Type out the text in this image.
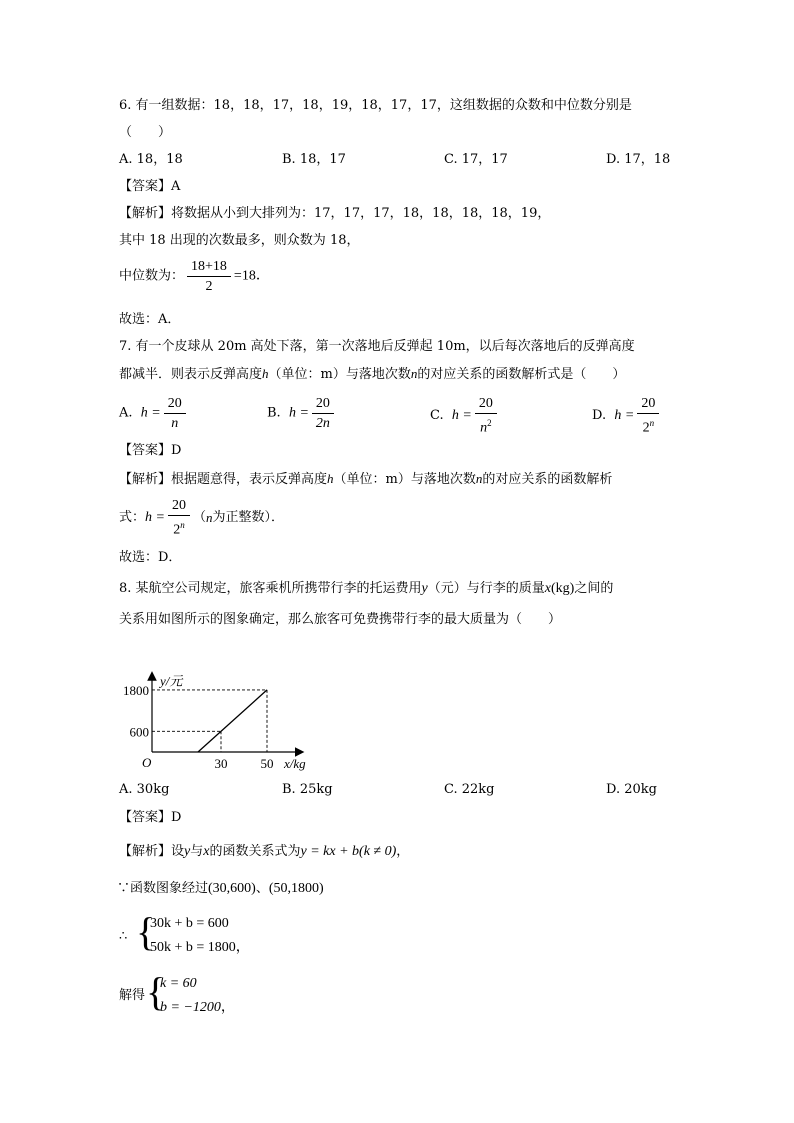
6. 有一组数据：18，18，17，18，19，18，17，17，这组数据的众数和中位数分别是
（　　）
A. 18，18	B. 18，17	C. 17，17	D. 17，18
【答案】A
【解析】将数据从小到大排列为：17，17，17，18，18，18，18，19，
其中 18 出现的次数最多，则众数为 18，
中位数为： $\frac{18+18}{2} =18$．
故选：A．
7. 有一个皮球从 20m 高处下落，第一次落地后反弹起 10m，以后每次落地后的反弹高度
都减半．则表示反弹高度h（单位：m）与落地次数n的对应关系的函数解析式是（　　）
A. $h = \frac{20}{n}$	B. $h = \frac{20}{2n}$	C. $h = \frac{20}{n^2}$	D. $h = \frac{20}{2^n}$
【答案】D
【解析】根据题意得，表示反弹高度h（单位：m）与落地次数n的对应关系的函数解析
式：$h = \frac{20}{2^n} (n$为正整数）．
故选：D．
8. 某航空公司规定，旅客乘机所携带行李的托运费用y（元）与行李的质量x(kg)之间的
关系用如图所示的图象确定，那么旅客可免费携带行李的最大质量为（　　）
30	50
600
1800
O	x/kg
y/元
A. 30kg	B. 25kg	C. 22kg	D. 20kg
【答案】D
【解析】设y与x的函数关系式为y = kx + b(k ≠ 0)，
∵函数图象经过(30,600)、(50,1800)
∴ {
30k + b = 600
50k + b = 1800，
解得 {
k = 60
b = −1200，
